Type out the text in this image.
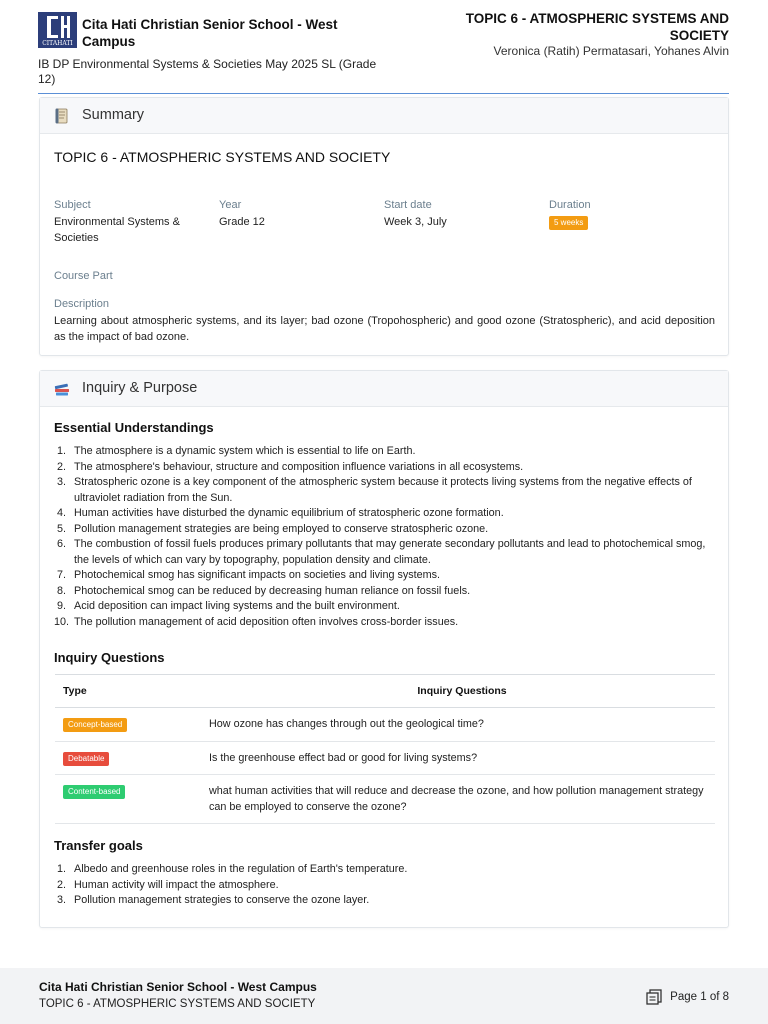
CITAHATI
Cita Hati Christian Senior School - West Campus
IB DP Environmental Systems & Societies May 2025 SL (Grade 12)
TOPIC 6 - ATMOSPHERIC SYSTEMS AND SOCIETY
Veronica (Ratih) Permatasari, Yohanes Alvin
Summary
TOPIC 6 - ATMOSPHERIC SYSTEMS AND SOCIETY
Subject
Environmental Systems & Societies
Year
Grade 12
Start date
Week 3, July
Duration
5 weeks
Course Part
Description
Learning about atmospheric systems, and its layer; bad ozone (Tropohospheric) and good ozone (Stratospheric), and acid deposition as the impact of bad ozone.
Inquiry & Purpose
Essential Understandings
1. The atmosphere is a dynamic system which is essential to life on Earth.
2. The atmosphere's behaviour, structure and composition influence variations in all ecosystems.
3. Stratospheric ozone is a key component of the atmospheric system because it protects living systems from the negative effects of ultraviolet radiation from the Sun.
4. Human activities have disturbed the dynamic equilibrium of stratospheric ozone formation.
5. Pollution management strategies are being employed to conserve stratospheric ozone.
6. The combustion of fossil fuels produces primary pollutants that may generate secondary pollutants and lead to photochemical smog, the levels of which can vary by topography, population density and climate.
7. Photochemical smog has significant impacts on societies and living systems.
8. Photochemical smog can be reduced by decreasing human reliance on fossil fuels.
9. Acid deposition can impact living systems and the built environment.
10. The pollution management of acid deposition often involves cross-border issues.
Inquiry Questions
Type	Inquiry Questions
Concept-based	How ozone has changes through out the geological time?
Debatable	Is the greenhouse effect bad or good for living systems?
Content-based	what human activities that will reduce and decrease the ozone, and how pollution management strategy can be employed to conserve the ozone?
Transfer goals
1. Albedo and greenhouse roles in the regulation of Earth's temperature.
2. Human activity will impact the atmosphere.
3. Pollution management strategies to conserve the ozone layer.
Cita Hati Christian Senior School - West Campus
TOPIC 6 - ATMOSPHERIC SYSTEMS AND SOCIETY
Page 1 of 8
